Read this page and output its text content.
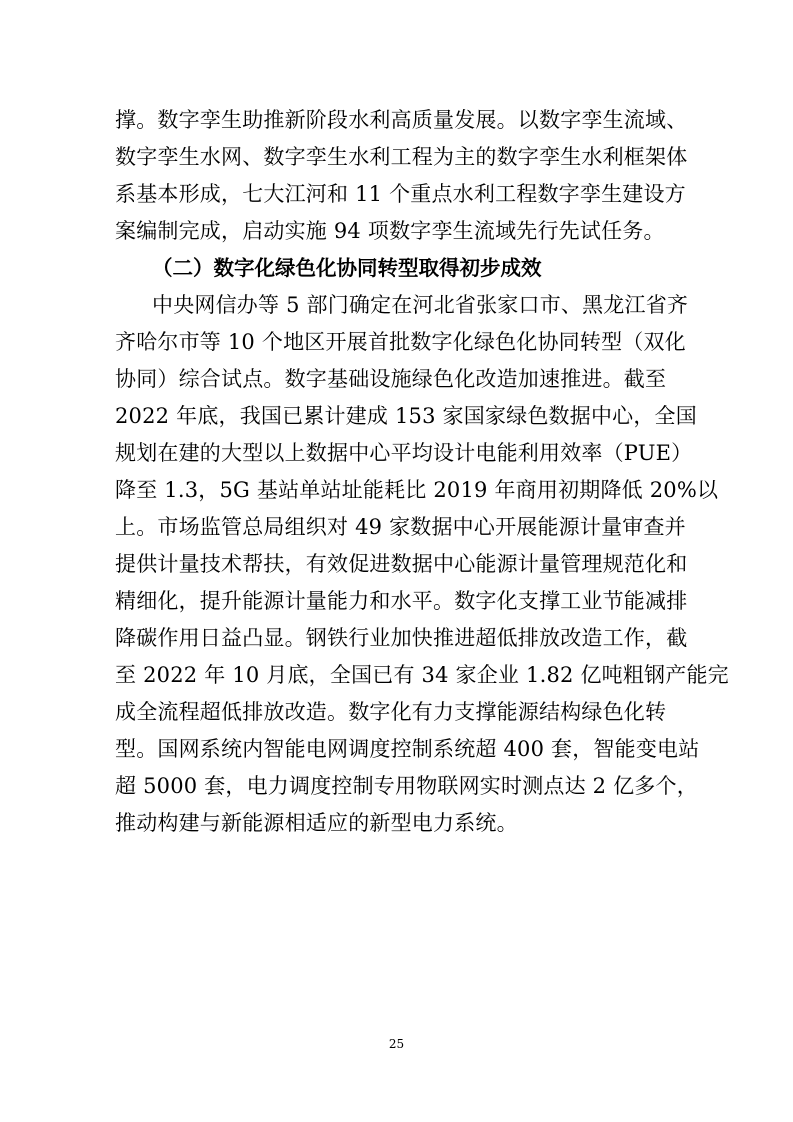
撑。数字孪生助推新阶段水利高质量发展。以数字孪生流域、
数字孪生水网、数字孪生水利工程为主的数字孪生水利框架体
系基本形成，七大江河和 11 个重点水利工程数字孪生建设方
案编制完成，启动实施 94 项数字孪生流域先行先试任务。
（二）数字化绿色化协同转型取得初步成效
中央网信办等 5 部门确定在河北省张家口市、黑龙江省齐
齐哈尔市等 10 个地区开展首批数字化绿色化协同转型（双化
协同）综合试点。数字基础设施绿色化改造加速推进。截至
2022 年底，我国已累计建成 153 家国家绿色数据中心，全国
规划在建的大型以上数据中心平均设计电能利用效率（PUE）
降至 1.3，5G 基站单站址能耗比 2019 年商用初期降低 20%以
上。市场监管总局组织对 49 家数据中心开展能源计量审查并
提供计量技术帮扶，有效促进数据中心能源计量管理规范化和
精细化，提升能源计量能力和水平。数字化支撑工业节能减排
降碳作用日益凸显。钢铁行业加快推进超低排放改造工作，截
至 2022 年 10 月底，全国已有 34 家企业 1.82 亿吨粗钢产能完
成全流程超低排放改造。数字化有力支撑能源结构绿色化转
型。国网系统内智能电网调度控制系统超 400 套，智能变电站
超 5000 套，电力调度控制专用物联网实时测点达 2 亿多个，
推动构建与新能源相适应的新型电力系统。
25
